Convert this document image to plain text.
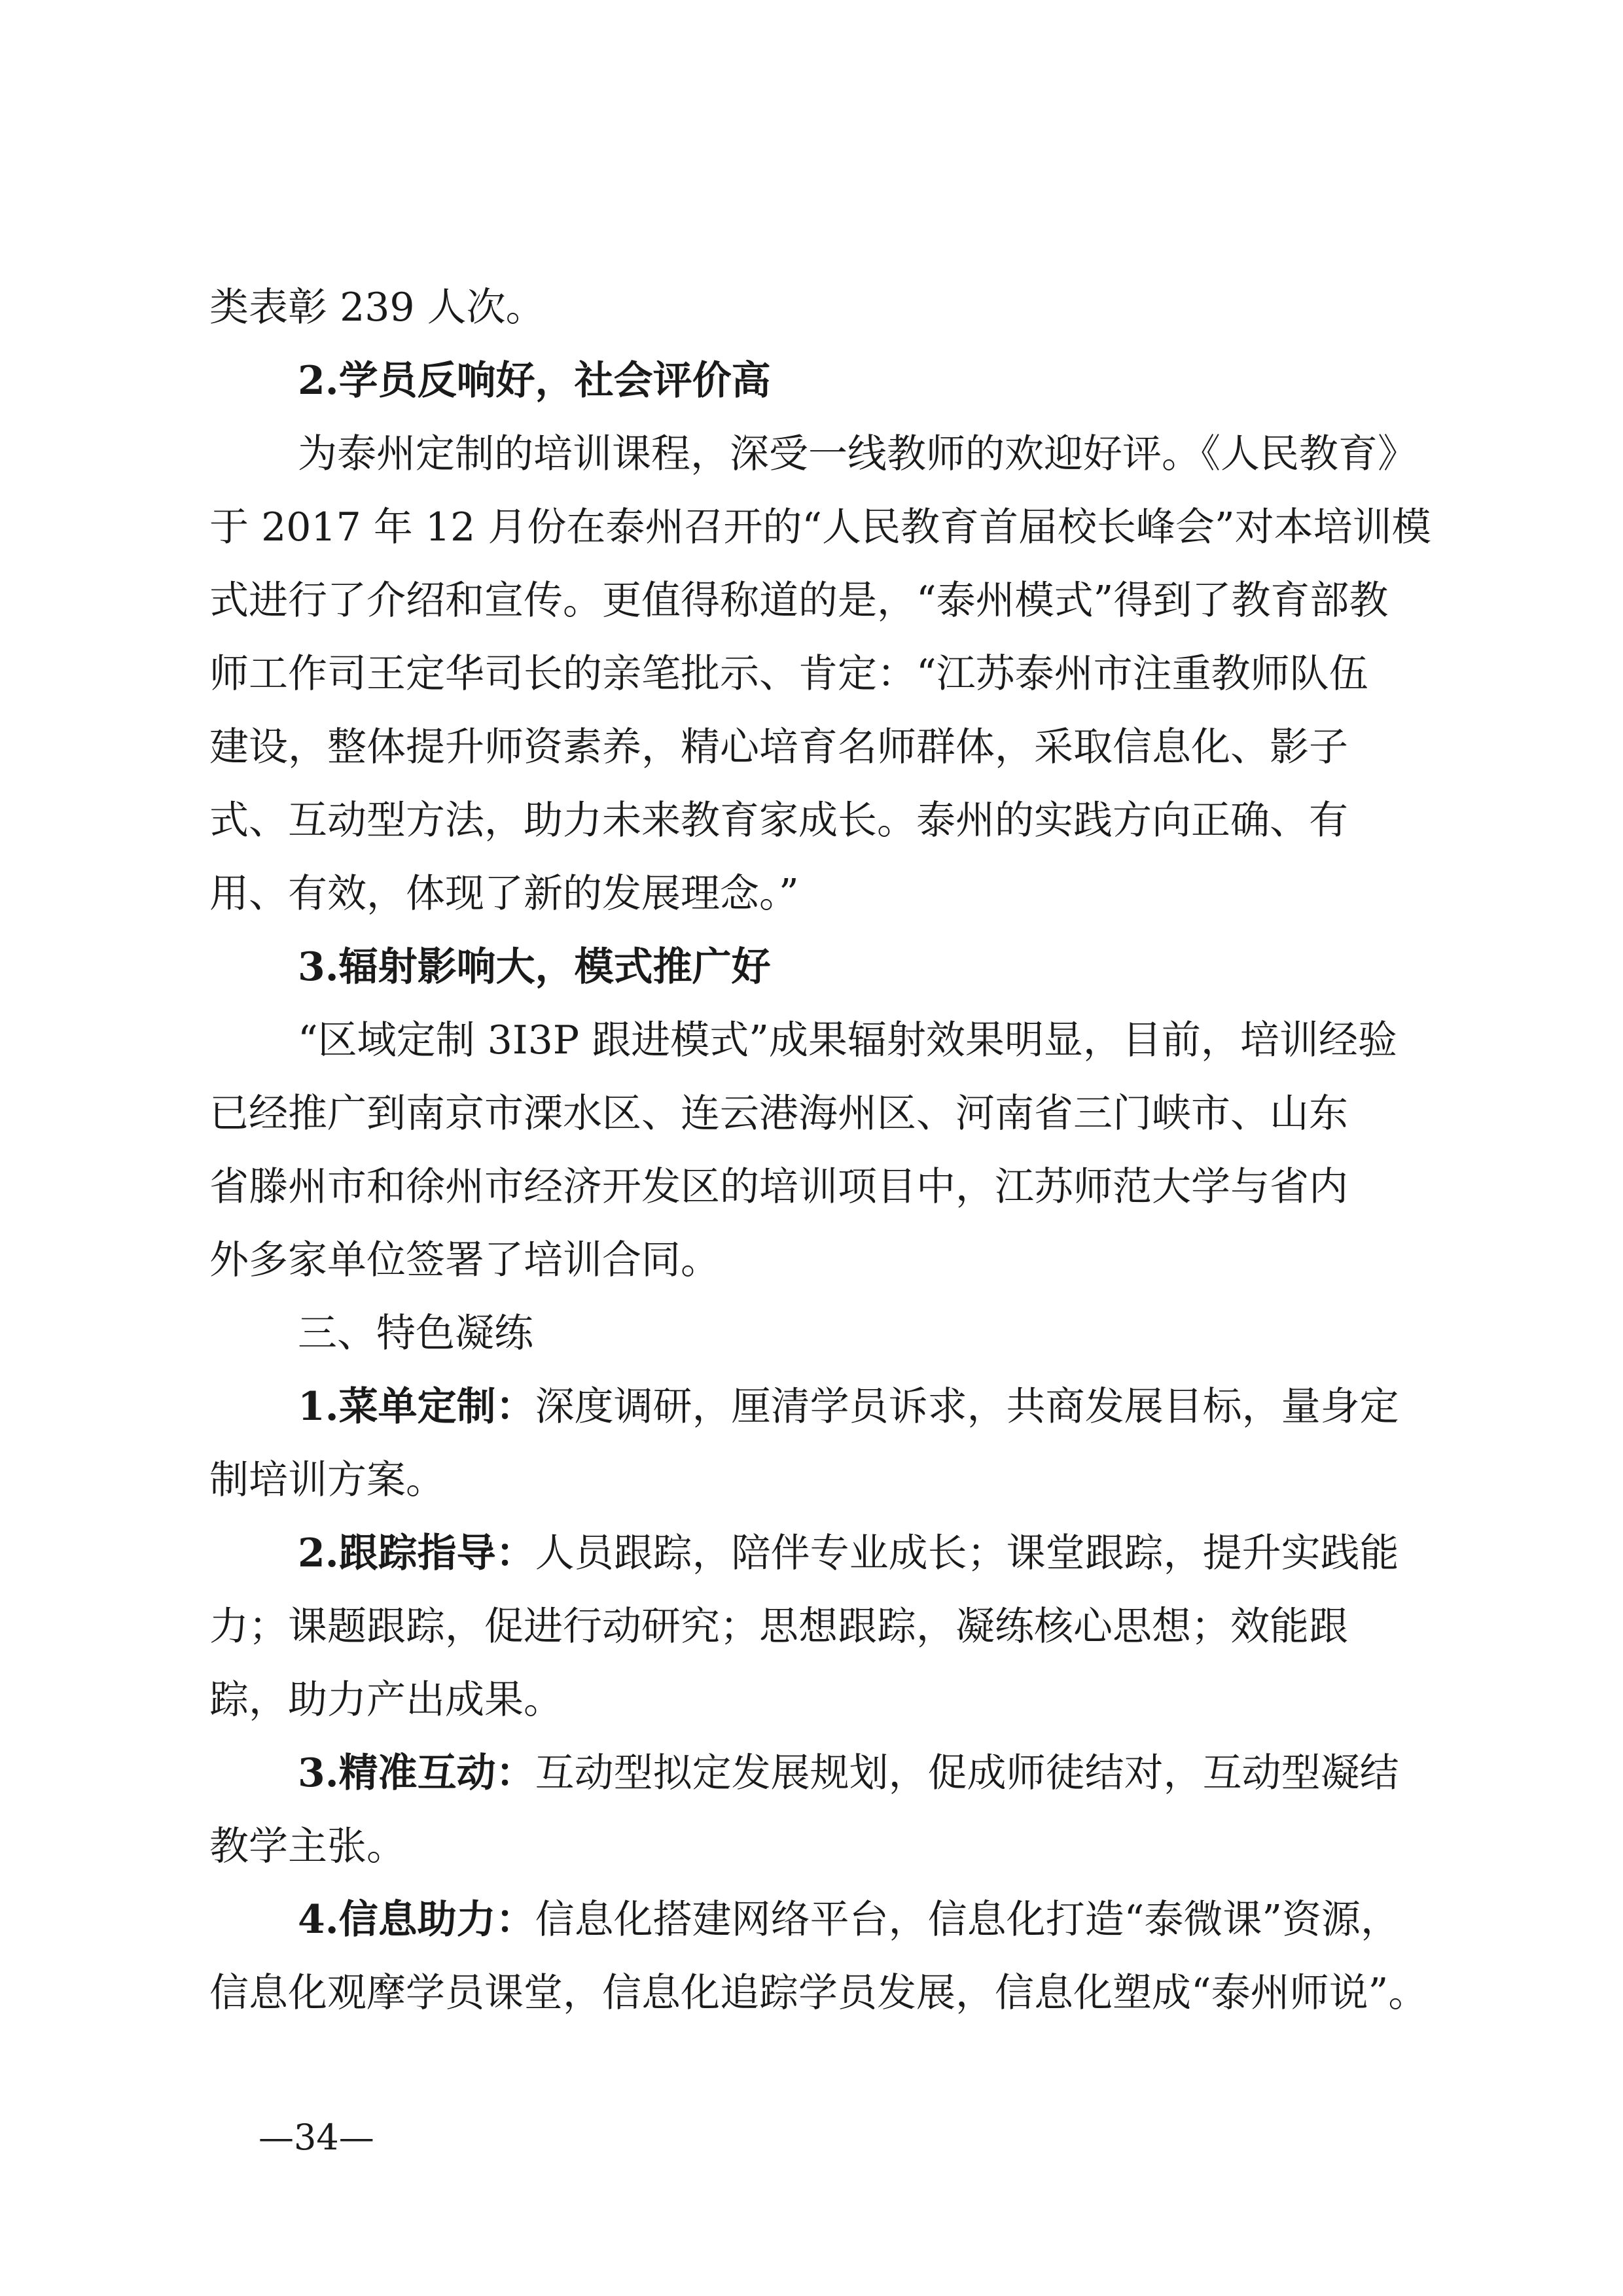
类表彰 239 人次。
2.学员反响好，社会评价高
为泰州定制的培训课程，深受一线教师的欢迎好评。《人民教育》
于 2017 年 12 月份在泰州召开的“人民教育首届校长峰会”对本培训模
式进行了介绍和宣传。更值得称道的是，“泰州模式”得到了教育部教
师工作司王定华司长的亲笔批示、肯定：“江苏泰州市注重教师队伍
建设，整体提升师资素养，精心培育名师群体，采取信息化、影子
式、互动型方法，助力未来教育家成长。泰州的实践方向正确、有
用、有效，体现了新的发展理念。”
3.辐射影响大，模式推广好
“区域定制 3I3P 跟进模式”成果辐射效果明显，目前，培训经验
已经推广到南京市溧水区、连云港海州区、河南省三门峡市、山东
省滕州市和徐州市经济开发区的培训项目中，江苏师范大学与省内
外多家单位签署了培训合同。
三、特色凝练
1.菜单定制：深度调研，厘清学员诉求，共商发展目标，量身定
制培训方案。
2.跟踪指导：人员跟踪，陪伴专业成长；课堂跟踪，提升实践能
力；课题跟踪，促进行动研究；思想跟踪，凝练核心思想；效能跟
踪，助力产出成果。
3.精准互动：互动型拟定发展规划，促成师徒结对，互动型凝结
教学主张。
4.信息助力：信息化搭建网络平台，信息化打造“泰微课”资源，
信息化观摩学员课堂，信息化追踪学员发展，信息化塑成“泰州师说”。
—34—
